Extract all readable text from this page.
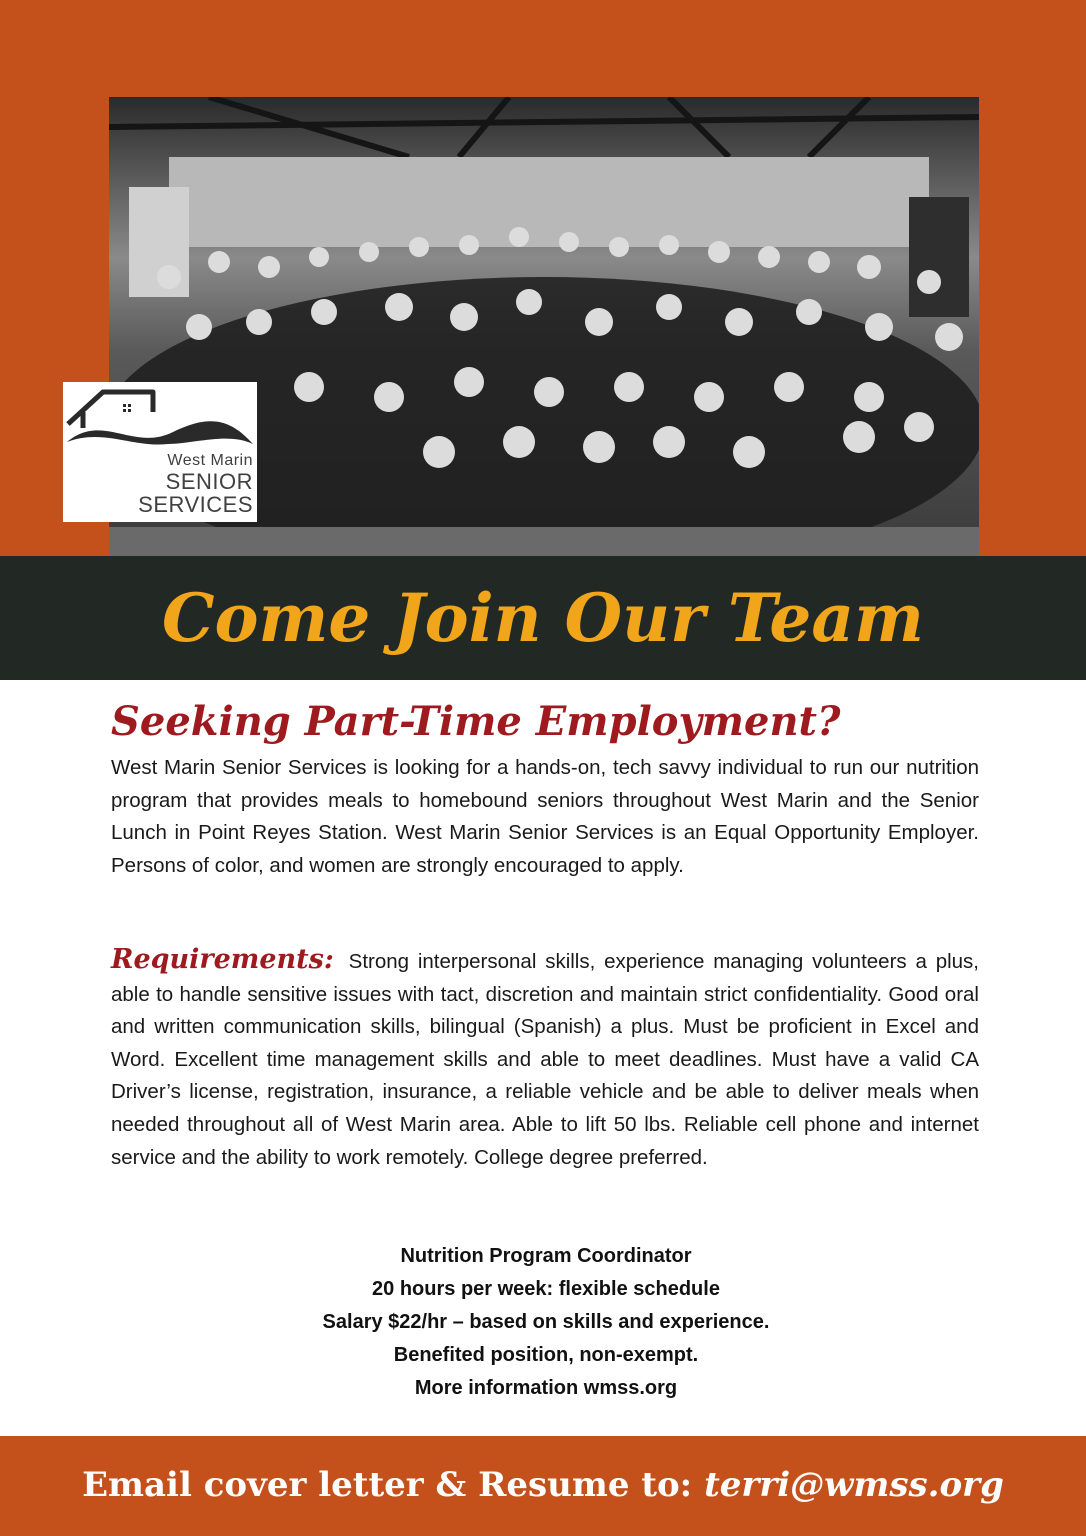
West Marin
SENIOR
SERVICES
Come Join Our Team
Seeking Part-Time Employment?
West Marin Senior Services is looking for a hands-on, tech savvy individual to run our nutrition program that provides meals to homebound seniors throughout West Marin and the Senior Lunch in Point Reyes Station. West Marin Senior Services is an Equal Opportunity Employer. Persons of color, and women are strongly encouraged to apply.
Requirements: Strong interpersonal skills, experience managing volunteers a plus, able to handle sensitive issues with tact, discretion and maintain strict confidentiality. Good oral and written communication skills, bilingual (Spanish) a plus. Must be proficient in Excel and Word. Excellent time management skills and able to meet deadlines. Must have a valid CA Driver’s license, registration, insurance, a reliable vehicle and be able to deliver meals when needed throughout all of West Marin area. Able to lift 50 lbs. Reliable cell phone and internet service and the ability to work remotely. College degree preferred.
Nutrition Program Coordinator
20 hours per week: flexible schedule
Salary $22/hr – based on skills and experience.
Benefited position, non-exempt.
More information wmss.org
Email cover letter & Resume to: terri@wmss.org
